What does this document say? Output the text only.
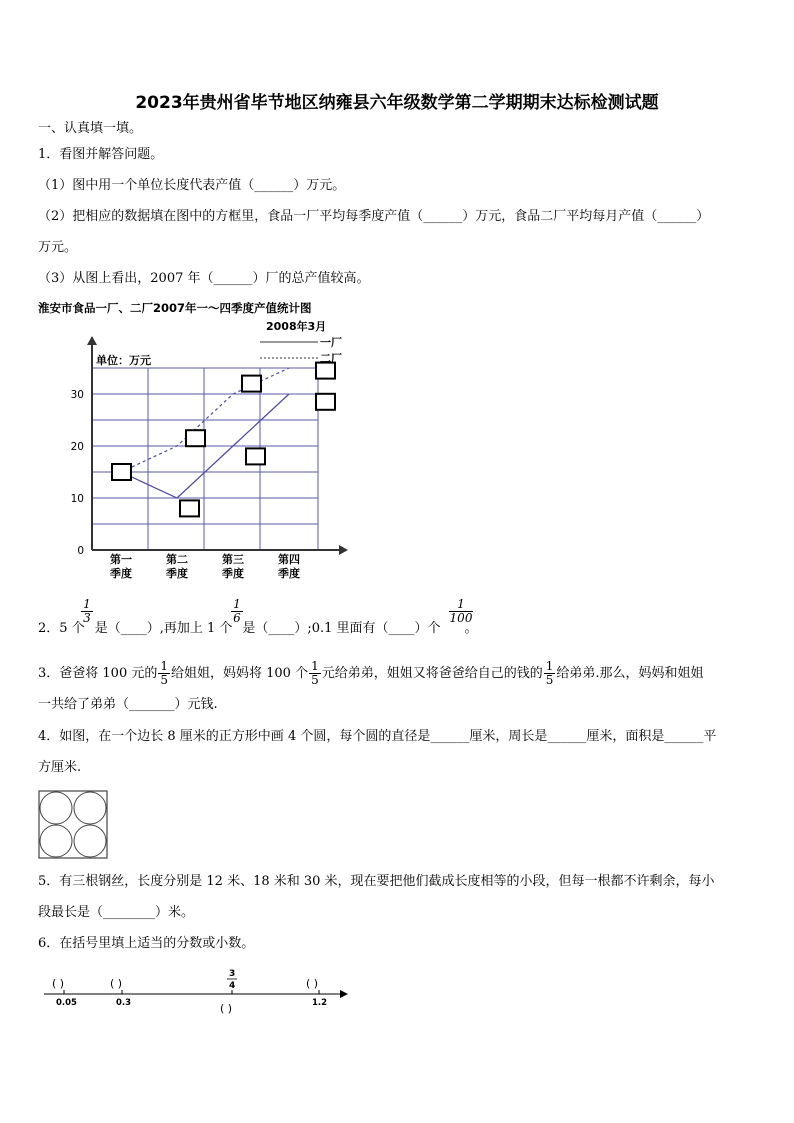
2023年贵州省毕节地区纳雍县六年级数学第二学期期末达标检测试题
一、认真填一填。
1．看图并解答问题。
（1）图中用一个单位长度代表产值（______）万元。
（2）把相应的数据填在图中的方框里，食品一厂平均每季度产值（______）万元，食品二厂平均每月产值（______）
万元。
（3）从图上看出，2007 年（______）厂的总产值较高。
淮安市食品一厂、二厂2007年一～四季度产值统计图
2008年3月
单位：万元
0
10
20
30
第一
季度
第二
季度
第三
季度
第四
季度
一厂
二厂
2．5 个 是（____）,再加上 1 个 是（____）;0.1 里面有（____）个 。
1
3
1
6
1
100
3．爸爸将 100 元的 $\frac{1}{5}$ 给姐姐，妈妈将 100 个 $\frac{1}{5}$ 元给弟弟，姐姐又将爸爸给自己的钱的 $\frac{1}{5}$ 给弟弟.那么，妈妈和姐姐
一共给了弟弟（_______）元钱.
4．如图，在一个边长 8 厘米的正方形中画 4 个圆，每个圆的直径是______厘米，周长是______厘米，面积是______平
方厘米.
5．有三根钢丝，长度分别是 12 米、18 米和 30 米，现在要把他们截成长度相等的小段，但每一根都不许剩余，每小
段最长是（________）米。
6．在括号里填上适当的分数或小数。
( )	( )	( )
( )
3
4
0.05	0.3	1.2
